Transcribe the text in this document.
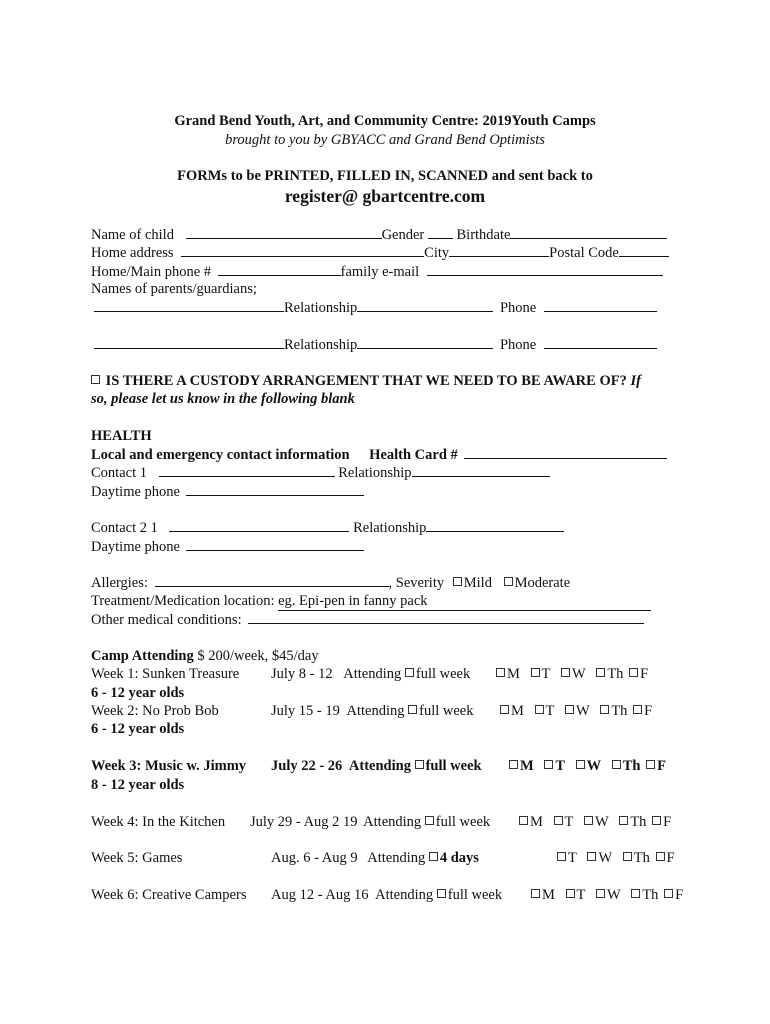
Grand Bend Youth, Art, and Community Centre: 2019Youth Camps
brought to you by GBYACC and Grand Bend Optimists
FORMs to be PRINTED, FILLED IN, SCANNED and sent back to
register@ gbartcentre.com
Name of child	Gender Birthdate
Home address	City	Postal Code
Home/Main phone #	family e-mail
Names of parents/guardians;
Relationship	Phone
Relationship	Phone
IS THERE A CUSTODY ARRANGEMENT THAT WE NEED TO BE AWARE OF? If
so, please let us know in the following blank
HEALTH
Local and emergency contact information Health Card #
Contact 1	Relationship
Daytime phone
Contact 2 1	Relationship
Daytime phone
Allergies:	, Severity Mild Moderate
Treatment/Medication location: eg. Epi-pen in fanny pack
Other medical conditions:
Camp Attending $ 200/week, $45/day
Week 1: Sunken Treasure July 8 - 12 Attending full week	M T W Th F
6 - 12 year olds
Week 2: No Prob Bob	July 15 - 19 Attending full week	M T W Th F
6 - 12 year olds
Week 3: Music w. Jimmy July 22 - 26 Attending full week	M T W Th F
8 - 12 year olds
Week 4: In the Kitchen July 29 - Aug 2 19 Attending full week	M T W Th F
Week 5: Games	Aug. 6 - Aug 9 Attending 4 days	T W Th F
Week 6: Creative Campers Aug 12 - Aug 16 Attending full week	M T W Th F
